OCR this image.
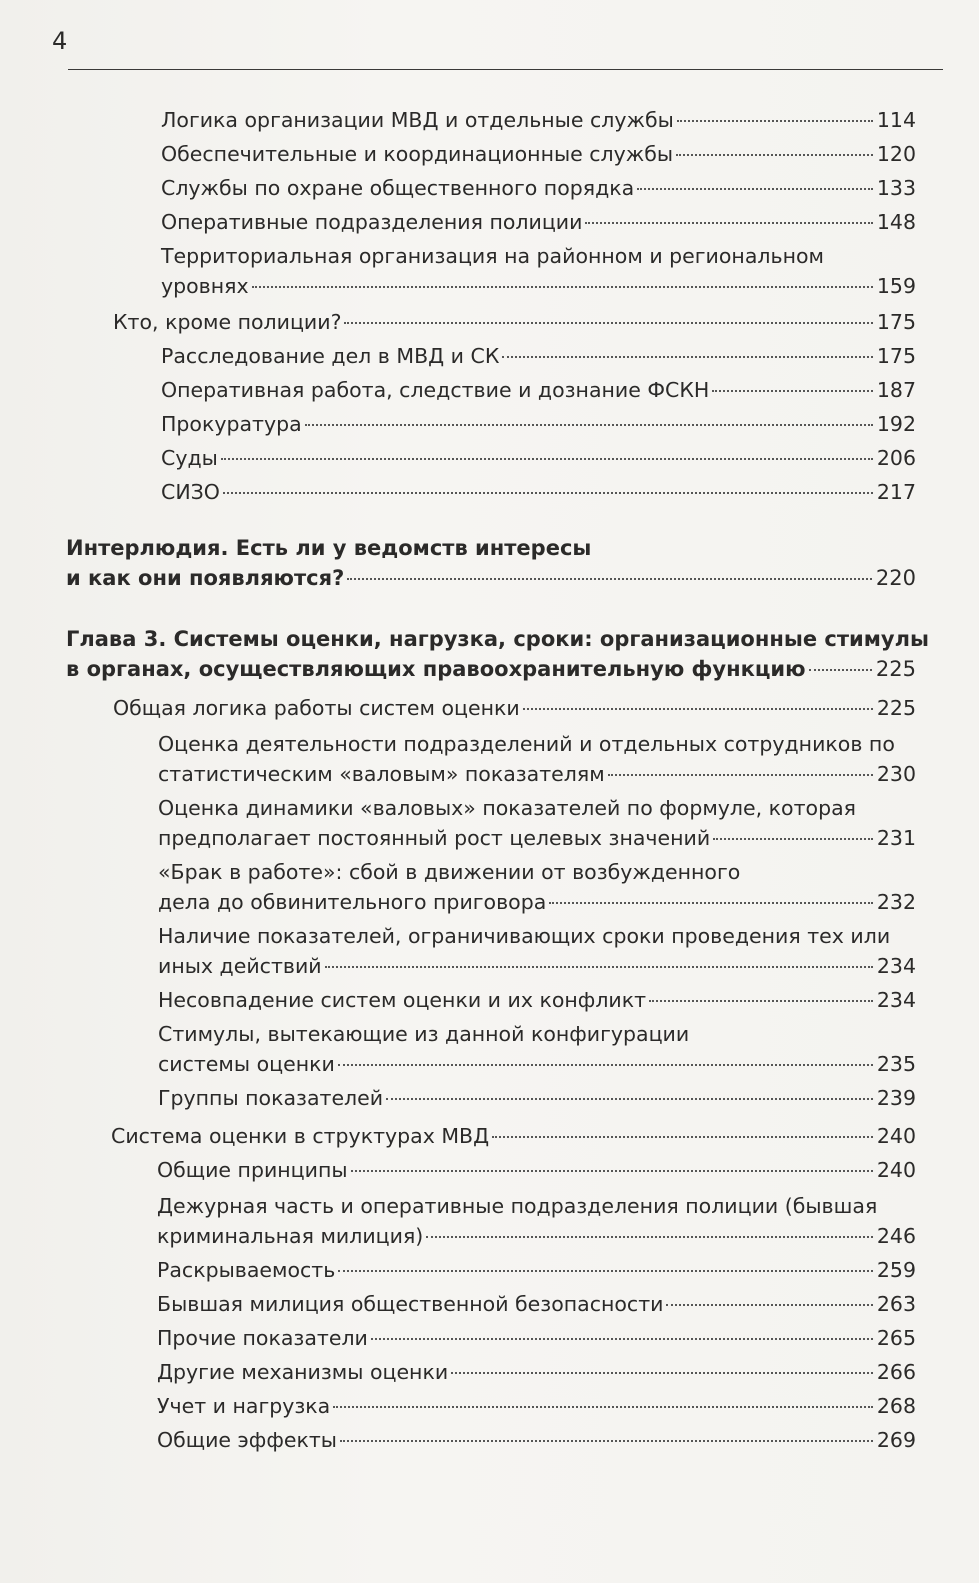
4
Логика организации МВД и отдельные службы	114
Обеспечительные и координационные службы	120
Службы по охране общественного порядка	133
Оперативные подразделения полиции	148
Территориальная организация на районном и региональном
уровнях	159
Кто, кроме полиции?	175
Расследование дел в МВД и СК	175
Оперативная работа, следствие и дознание ФСКН	187
Прокуратура	192
Суды	206
СИЗО	217
Интерлюдия. Есть ли у ведомств интересы
и как они появляются?	220
Глава 3. Системы оценки, нагрузка, сроки: организационные стимулы
в органах, осуществляющих правоохранительную функцию	225
Общая логика работы систем оценки	225
Оценка деятельности подразделений и отдельных сотрудников по
статистическим «валовым» показателям	230
Оценка динамики «валовых» показателей по формуле, которая
предполагает постоянный рост целевых значений	231
«Брак в работе»: сбой в движении от возбужденного
дела до обвинительного приговора	232
Наличие показателей, ограничивающих сроки проведения тех или
иных действий	234
Несовпадение систем оценки и их конфликт	234
Стимулы, вытекающие из данной конфигурации
системы оценки	235
Группы показателей	239
Система оценки в структурах МВД	240
Общие принципы	240
Дежурная часть и оперативные подразделения полиции (бывшая
криминальная милиция)	246
Раскрываемость	259
Бывшая милиция общественной безопасности	263
Прочие показатели	265
Другие механизмы оценки	266
Учет и нагрузка	268
Общие эффекты	269
